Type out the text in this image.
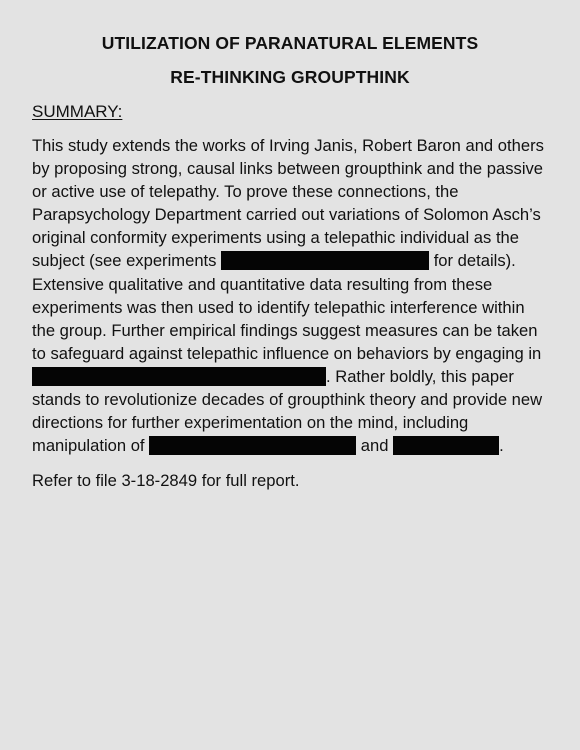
UTILIZATION OF PARANATURAL ELEMENTS
RE-THINKING GROUPTHINK
SUMMARY:

This study extends the works of Irving Janis, Robert Baron and others by proposing strong, causal links between groupthink and the passive or active use of telepathy. To prove these connections, the Parapsychology Department carried out variations of Solomon Asch’s original conformity experiments using a telepathic individual as the subject (see experiments	for details). Extensive qualitative and quantitative data resulting from these experiments was then used to identify telepathic interference within the group. Further empirical findings suggest measures can be taken to safeguard against telepathic influence on behaviors by engaging in . Rather boldly, this paper stands to revolutionize decades of groupthink theory and provide new directions for further experimentation on the mind, including manipulation of	and	.

Refer to file 3-18-2849 for full report.
